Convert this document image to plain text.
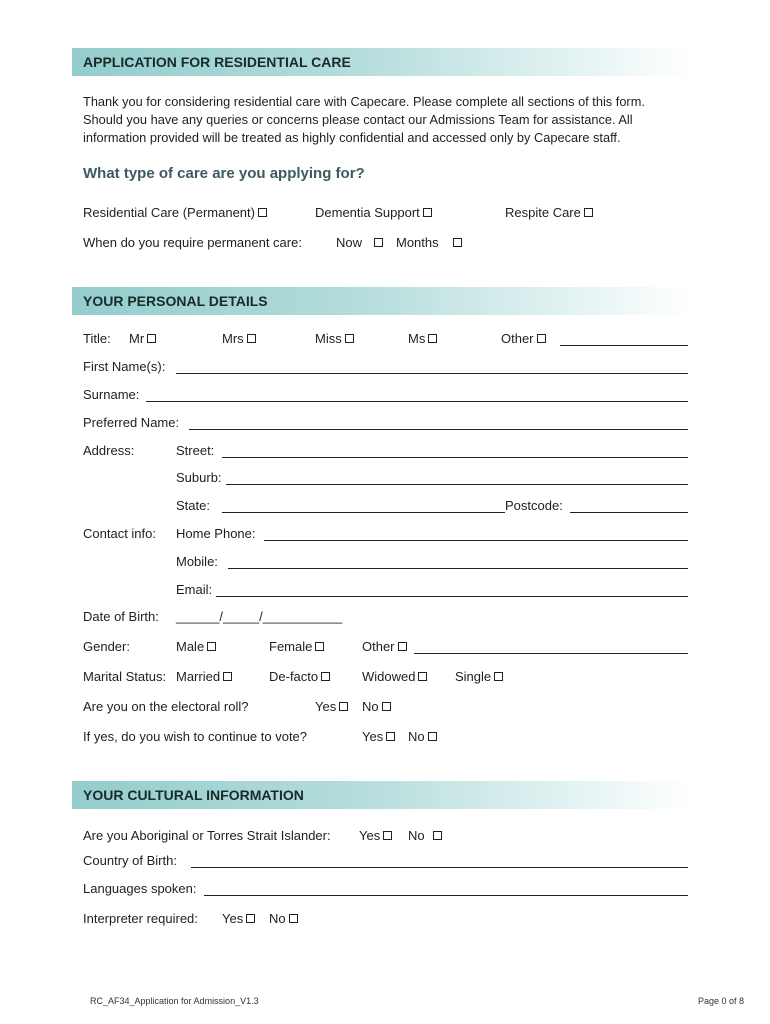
APPLICATION FOR RESIDENTIAL CARE

Thank you for considering residential care with Capecare. Please complete all sections of this form.

Should you have any queries or concerns please contact our Admissions Team for assistance. All

information provided will be treated as highly confidential and accessed only by Capecare staff.

What type of care are you applying for?
Residential Care (Permanent)	Dementia Support	Respite Care
When do you require permanent care:	Now	Months
YOUR PERSONAL DETAILS
Title: Mr	Mrs	Miss	Ms	Other
First Name(s):
Surname:
Preferred Name:
Address:	Street:
Suburb:
State:	Postcode:
Contact info: Home Phone:
Mobile:
Email:
Date of Birth: ______/_____/___________
Gender:	Male	Female	Other
Marital Status: Married	De-facto	Widowed	Single
Are you on the electoral roll?	Yes	No
If yes, do you wish to continue to vote?	Yes	No
YOUR CULTURAL INFORMATION
Are you Aboriginal or Torres Strait Islander: Yes	No
Country of Birth:
Languages spoken:
Interpreter required: Yes	No
RC_AF34_Application for Admission_V1.3	Page 0 of 8
